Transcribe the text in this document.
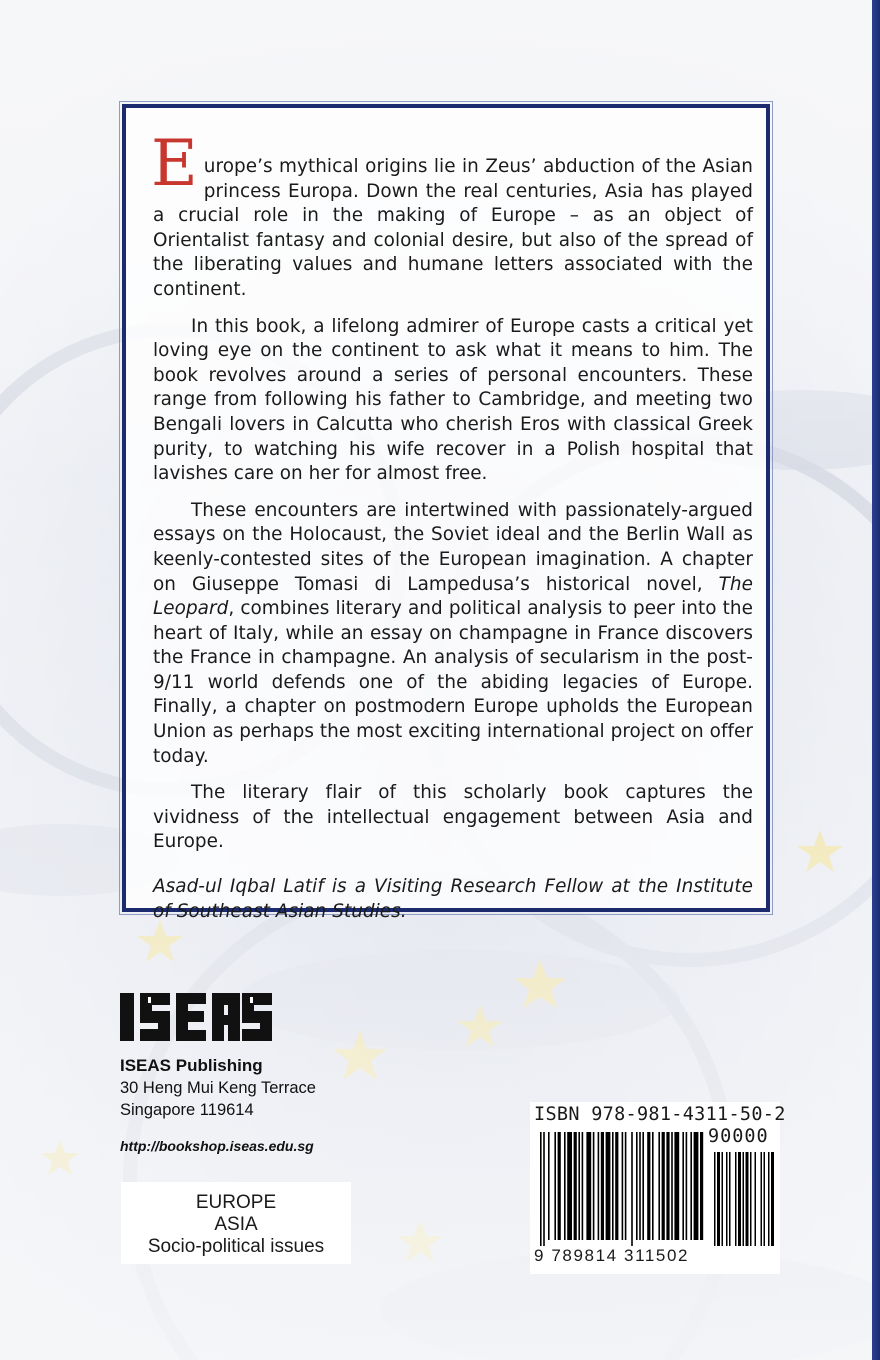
Europe’s mythical origins lie in Zeus’ abduction of the Asian princess Europa. Down the real centuries, Asia has played a crucial role in the making of Europe – as an object of Orientalist fantasy and colonial desire, but also of the spread of the liberating values and humane letters associated with the continent.

In this book, a lifelong admirer of Europe casts a critical yet loving eye on the continent to ask what it means to him. The book revolves around a series of personal encounters. These range from following his father to Cambridge, and meeting two Bengali lovers in Calcutta who cherish Eros with classical Greek purity, to watching his wife recover in a Polish hospital that lavishes care on her for almost free.

These encounters are intertwined with passionately-argued essays on the Holocaust, the Soviet ideal and the Berlin Wall as keenly-contested sites of the European imagination. A chapter on Giuseppe Tomasi di Lampedusa’s historical novel, The Leopard, combines literary and political analysis to peer into the heart of Italy, while an essay on champagne in France discovers the France in champagne. An analysis of secularism in the post-9/11 world defends one of the abiding legacies of Europe. Finally, a chapter on postmodern Europe upholds the European Union as perhaps the most exciting international project on offer today.

The literary flair of this scholarly book captures the vividness of the intellectual engagement between Asia and Europe.

Asad-ul Iqbal Latif is a Visiting Research Fellow at the Institute of Southeast Asian Studies.

ISEAS Publishing
30 Heng Mui Keng Terrace
Singapore 119614
http://bookshop.iseas.edu.sg
EUROPE
ASIA
Socio-political issues
ISBN 978-981-4311-50-2
90000
9 789814 311502
